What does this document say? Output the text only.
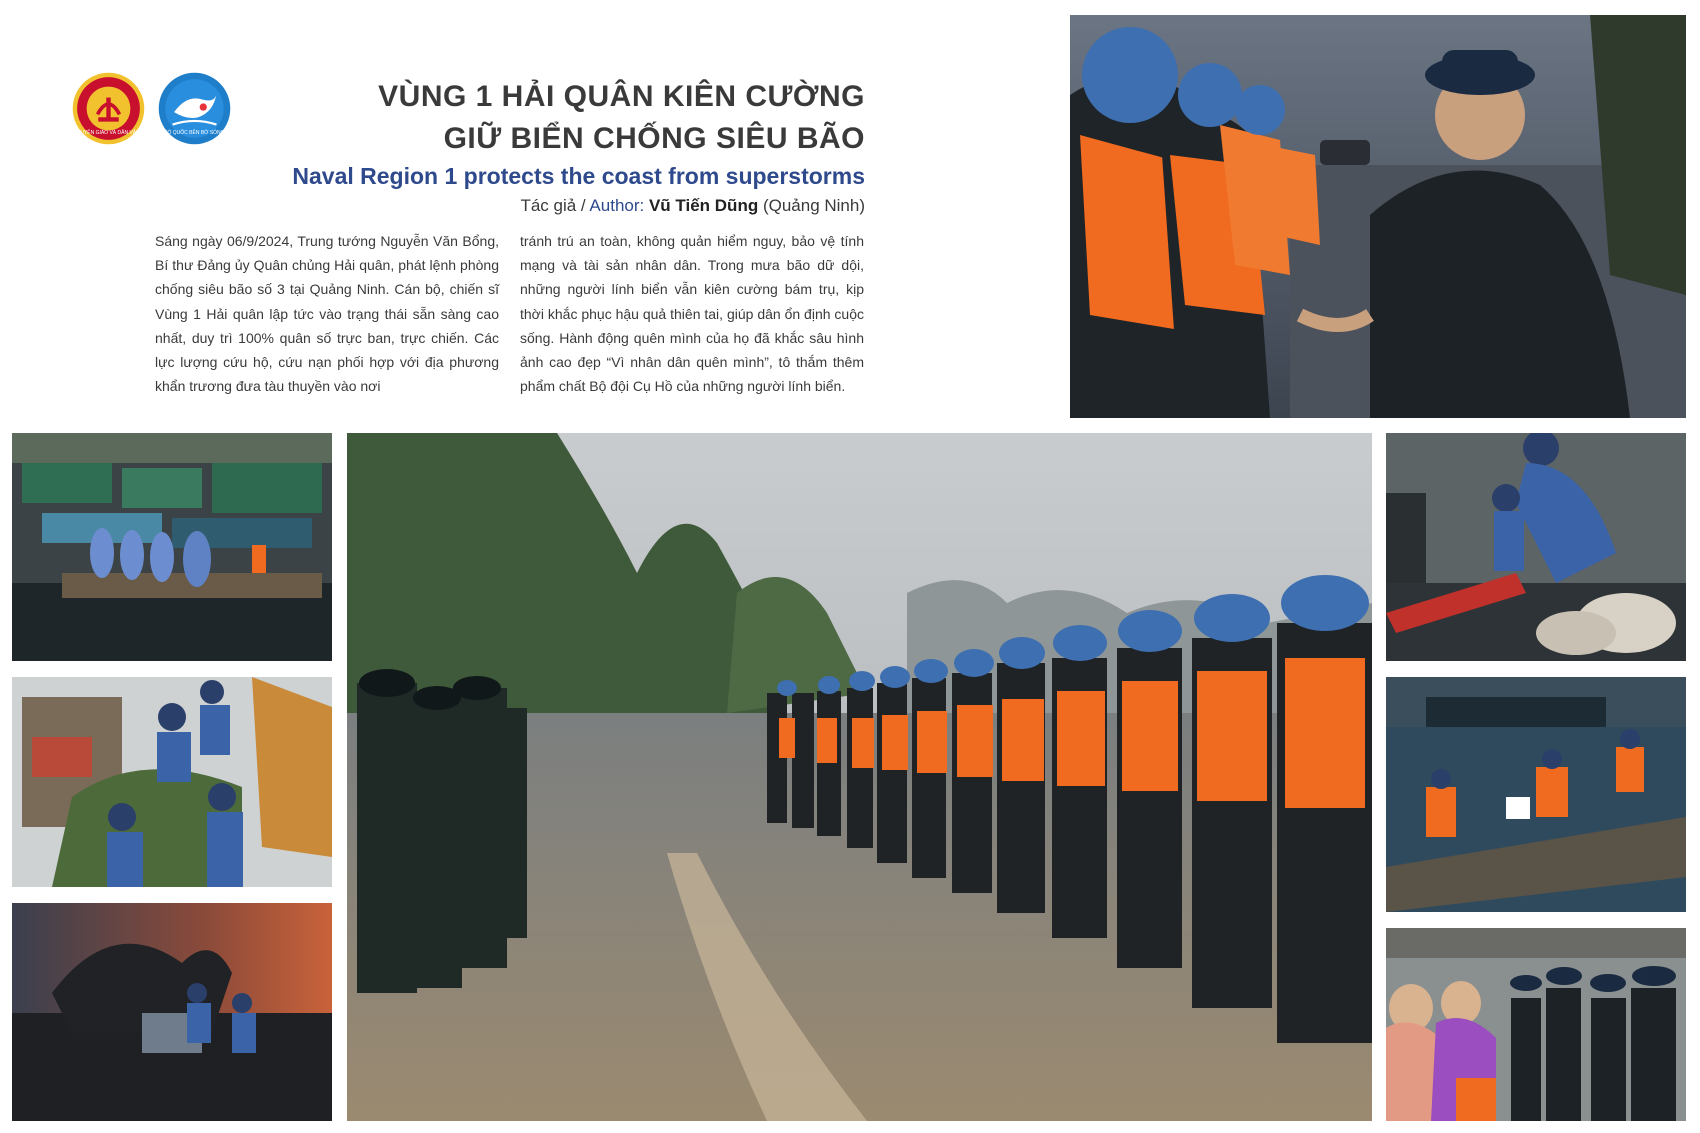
TUYÊN GIÁO VÀ DÂN VẬN	TỔ QUỐC BÊN BỜ SÓNG
VÙNG 1 HẢI QUÂN KIÊN CƯỜNG
GIỮ BIỂN CHỐNG SIÊU BÃO
Naval Region 1 protects the coast from superstorms
Tác giả / Author: Vũ Tiến Dũng (Quảng Ninh)
Sáng ngày 06/9/2024, Trung tướng Nguyễn Văn Bổng, Bí thư Đảng ủy Quân chủng Hải quân, phát lệnh phòng chống siêu bão số 3 tại Quảng Ninh. Cán bộ, chiến sĩ Vùng 1 Hải quân lập tức vào trạng thái sẵn sàng cao nhất, duy trì 100% quân số trực ban, trực chiến. Các lực lượng cứu hộ, cứu nạn phối hợp với địa phương khẩn trương đưa tàu thuyền vào nơi
tránh trú an toàn, không quản hiểm nguy, bảo vệ tính mạng và tài sản nhân dân. Trong mưa bão dữ dội, những người lính biển vẫn kiên cường bám trụ, kịp thời khắc phục hậu quả thiên tai, giúp dân ổn định cuộc sống. Hành động quên mình của họ đã khắc sâu hình ảnh cao đẹp “Vì nhân dân quên mình”, tô thắm thêm phẩm chất Bộ đội Cụ Hồ của những người lính biển.
